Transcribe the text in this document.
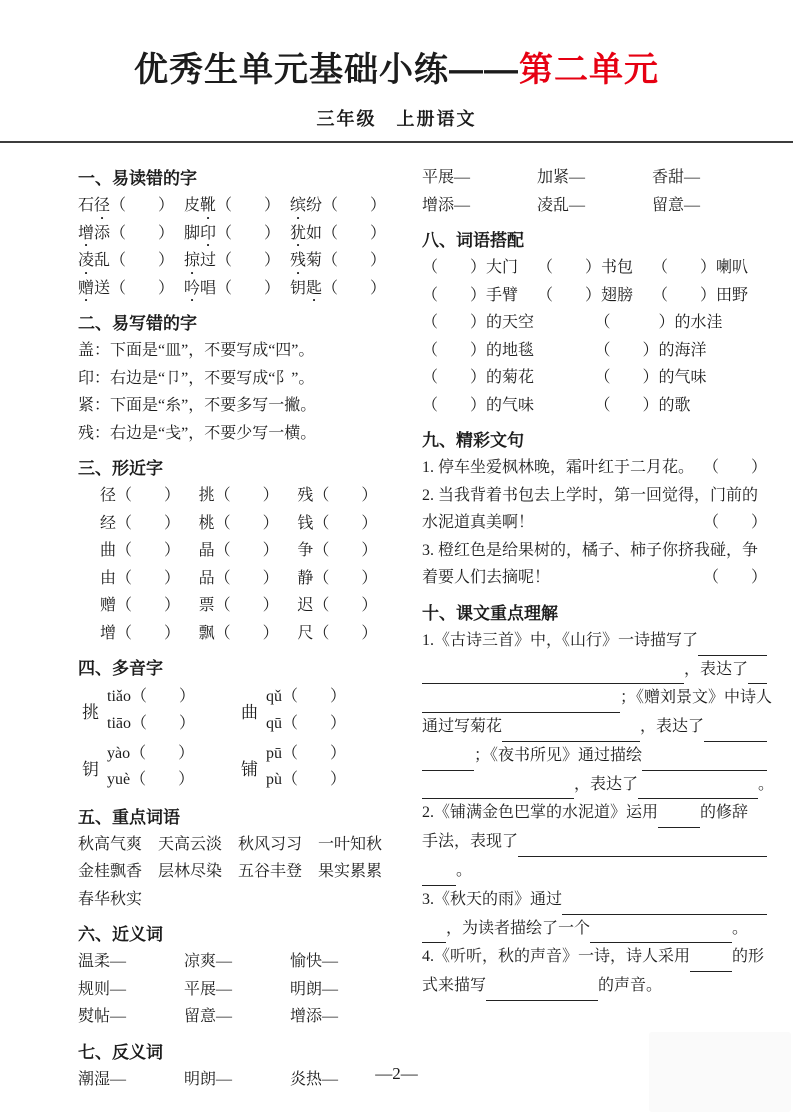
优秀生单元基础小练——第二单元
三年级　上册语文
一、易读错的字
石径（　　） 皮靴（　　） 缤纷（　　）
增添（　　） 脚印（　　） 犹如（　　）
凌乱（　　） 掠过（　　） 残菊（　　）
赠送（　　） 吟唱（　　） 钥匙（　　）
二、易写错的字
盖：下面是“皿”，不要写成“四”。
印：右边是“卩”，不要写成“阝”。
紧：下面是“糸”，不要多写一撇。
残：右边是“戋”，不要少写一横。
三、形近字
径（　　）	挑（　　）	残（　　）
经（　　）	桃（　　）	钱（　　）
曲（　　）	晶（　　）	争（　　）
由（　　）	品（　　）	静（　　）
赠（　　）	票（　　）	迟（　　）
增（　　）	飘（　　）	尺（　　）
四、多音字
挑
tiǎo（　　）
tiāo（　　）
曲
qǔ（　　）
qū（　　）
钥
yào（　　）
yuè（　　）
铺
pū（　　）
pù（　　）
五、重点词语
秋高气爽　天高云淡　秋风习习　一叶知秋
金桂飘香　层林尽染　五谷丰登　果实累累
春华秋实
六、近义词
温柔—	凉爽—	愉快—
规则—	平展—	明朗—
熨帖—	留意—	增添—
七、反义词
潮湿—	明朗—	炎热—
平展—	加紧—	香甜—
增添—	凌乱—	留意—
八、词语搭配
（　　）大门	（　　）书包	（　　）喇叭
（　　）手臂	（　　）翅膀	（　　）田野
（　　）的天空	（　　　）的水洼
（　　）的地毯	（　　）的海洋
（　　）的菊花	（　　）的气味
（　　）的气味	（　　）的歌
九、精彩文句
（　　）
1. 停车坐爱枫林晚，霜叶红于二月花。
2. 当我背着书包去上学时，第一回觉得，门前的水泥道真美啊！	（　　）
3. 橙红色是给果树的，橘子、柿子你挤我碰，争着要人们去摘呢！	（　　）
十、课文重点理解
1.《古诗三首》中，《山行》一诗描写了
，表达了
；《赠刘景文》中诗人
通过写菊花	，表达了
；《夜书所见》通过描绘
，表达了	。
2.《铺满金色巴掌的水泥道》运用	的修辞
手法，表现了
。
3.《秋天的雨》通过
，为读者描绘了一个	。
4.《听听，秋的声音》一诗，诗人采用	的形
式来描写	的声音。
—2—
